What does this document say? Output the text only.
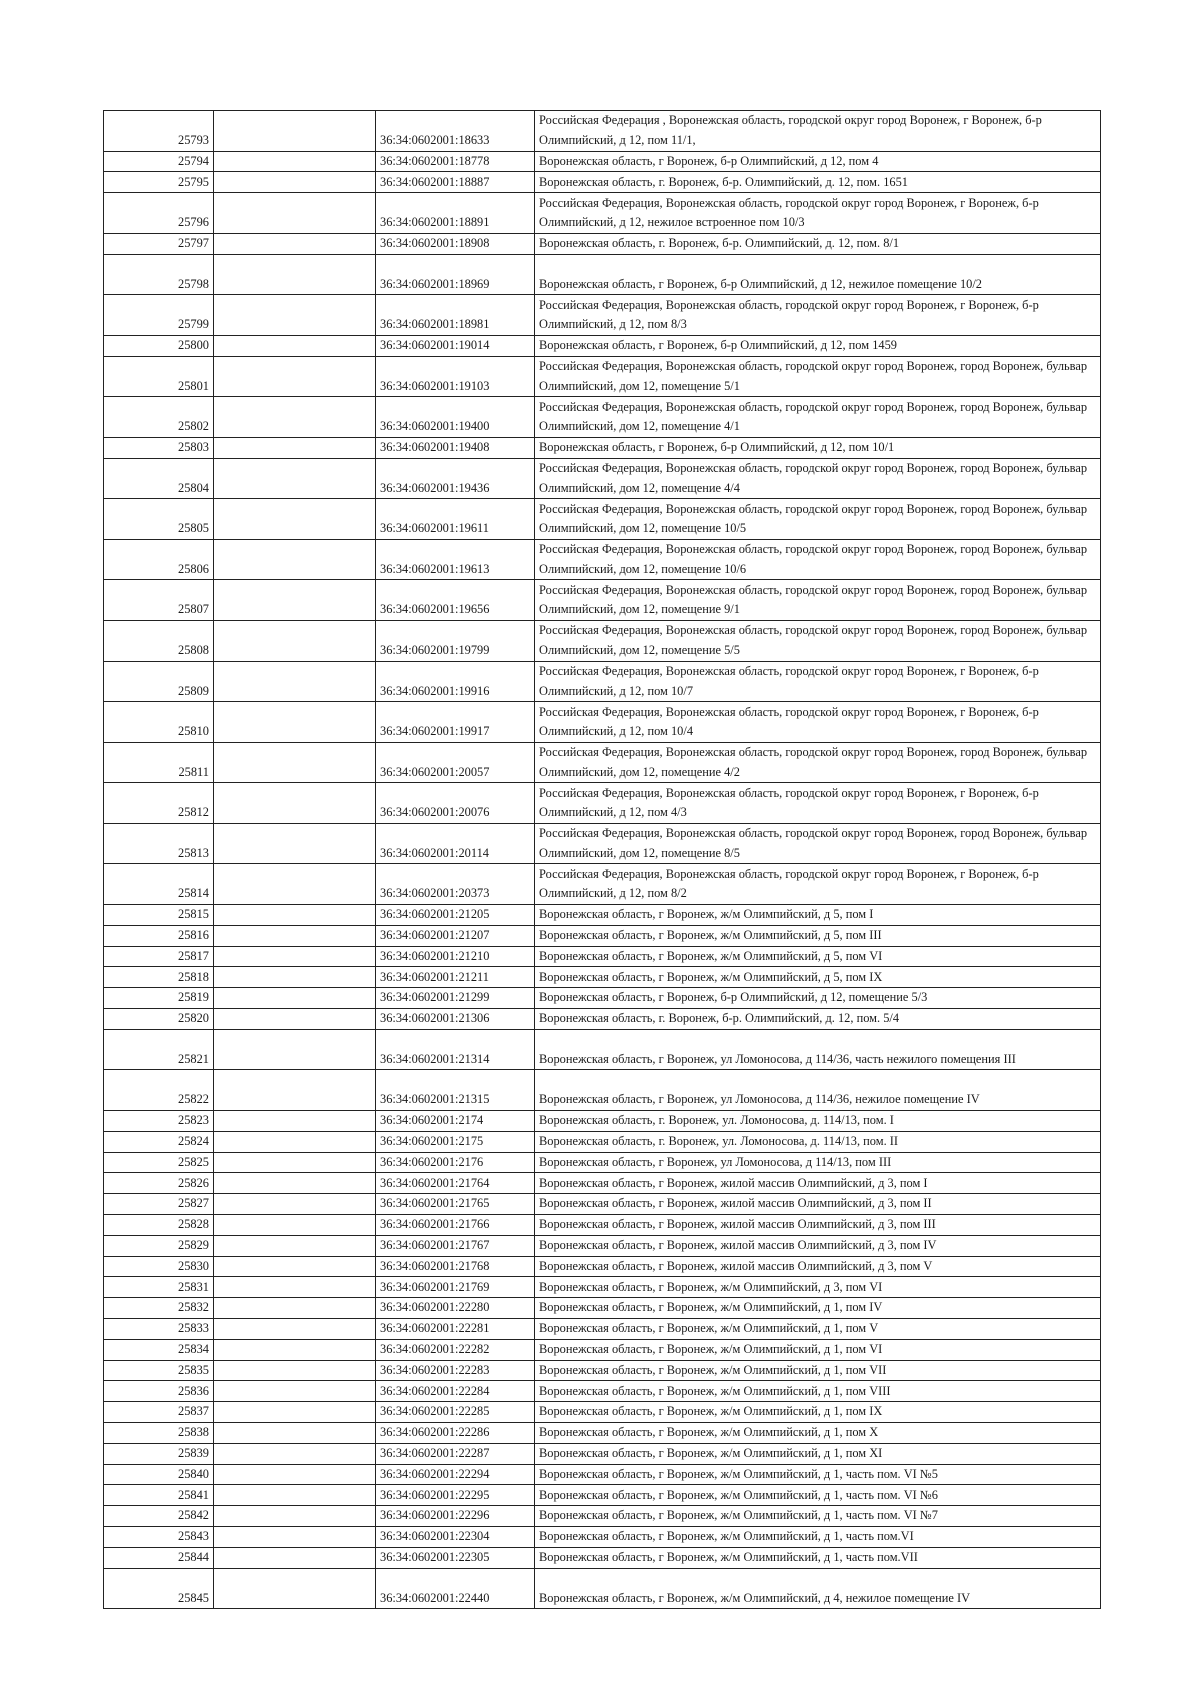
25793		36:34:0602001:18633	Российская Федерация , Воронежская область, городской округ город Воронеж, г Воронеж, б-р Олимпийский, д 12, пом 11/1,
25794		36:34:0602001:18778	Воронежская область, г Воронеж, б-р Олимпийский, д 12, пом 4
25795		36:34:0602001:18887	Воронежская область, г. Воронеж, б-р. Олимпийский, д. 12, пом. 1651
25796		36:34:0602001:18891	Российская Федерация, Воронежская область, городской округ город Воронеж, г Воронеж, б-р Олимпийский, д 12, нежилое встроенное пом 10/3
25797		36:34:0602001:18908	Воронежская область, г. Воронеж, б-р. Олимпийский, д. 12, пом. 8/1
25798		36:34:0602001:18969	Воронежская область, г Воронеж, б-р Олимпийский, д 12, нежилое помещение 10/2
25799		36:34:0602001:18981	Российская Федерация, Воронежская область, городской округ город Воронеж, г Воронеж, б-р Олимпийский, д 12, пом 8/3
25800		36:34:0602001:19014	Воронежская область, г Воронеж, б-р Олимпийский, д 12, пом 1459
25801		36:34:0602001:19103	Российская Федерация, Воронежская область, городской округ город Воронеж, город Воронеж, бульвар Олимпийский, дом 12, помещение 5/1
25802		36:34:0602001:19400	Российская Федерация, Воронежская область, городской округ город Воронеж, город Воронеж, бульвар Олимпийский, дом 12, помещение 4/1
25803		36:34:0602001:19408	Воронежская область, г Воронеж, б-р Олимпийский, д 12, пом 10/1
25804		36:34:0602001:19436	Российская Федерация, Воронежская область, городской округ город Воронеж, город Воронеж, бульвар Олимпийский, дом 12, помещение 4/4
25805		36:34:0602001:19611	Российская Федерация, Воронежская область, городской округ город Воронеж, город Воронеж, бульвар Олимпийский, дом 12, помещение 10/5
25806		36:34:0602001:19613	Российская Федерация, Воронежская область, городской округ город Воронеж, город Воронеж, бульвар Олимпийский, дом 12, помещение 10/6
25807		36:34:0602001:19656	Российская Федерация, Воронежская область, городской округ город Воронеж, город Воронеж, бульвар Олимпийский, дом 12, помещение 9/1
25808		36:34:0602001:19799	Российская Федерация, Воронежская область, городской округ город Воронеж, город Воронеж, бульвар Олимпийский, дом 12, помещение 5/5
25809		36:34:0602001:19916	Российская Федерация, Воронежская область, городской округ город Воронеж, г Воронеж, б-р Олимпийский, д 12, пом 10/7
25810		36:34:0602001:19917	Российская Федерация, Воронежская область, городской округ город Воронеж, г Воронеж, б-р Олимпийский, д 12, пом 10/4
25811		36:34:0602001:20057	Российская Федерация, Воронежская область, городской округ город Воронеж, город Воронеж, бульвар Олимпийский, дом 12, помещение 4/2
25812		36:34:0602001:20076	Российская Федерация, Воронежская область, городской округ город Воронеж, г Воронеж, б-р Олимпийский, д 12, пом 4/3
25813		36:34:0602001:20114	Российская Федерация, Воронежская область, городской округ город Воронеж, город Воронеж, бульвар Олимпийский, дом 12, помещение 8/5
25814		36:34:0602001:20373	Российская Федерация, Воронежская область, городской округ город Воронеж, г Воронеж, б-р Олимпийский, д 12, пом 8/2
25815		36:34:0602001:21205	Воронежская область, г Воронеж, ж/м Олимпийский, д 5, пом I
25816		36:34:0602001:21207	Воронежская область, г Воронеж, ж/м Олимпийский, д 5, пом III
25817		36:34:0602001:21210	Воронежская область, г Воронеж, ж/м Олимпийский, д 5, пом VI
25818		36:34:0602001:21211	Воронежская область, г Воронеж, ж/м Олимпийский, д 5, пом IX
25819		36:34:0602001:21299	Воронежская область, г Воронеж, б-р Олимпийский, д 12, помещение 5/3
25820		36:34:0602001:21306	Воронежская область, г. Воронеж, б-р. Олимпийский, д. 12, пом. 5/4
25821		36:34:0602001:21314	Воронежская область, г Воронеж, ул Ломоносова, д 114/36, часть нежилого помещения III
25822		36:34:0602001:21315	Воронежская область, г Воронеж, ул Ломоносова, д 114/36, нежилое помещение IV
25823		36:34:0602001:2174	Воронежская область, г. Воронеж, ул. Ломоносова, д. 114/13, пом. I
25824		36:34:0602001:2175	Воронежская область, г. Воронеж, ул. Ломоносова, д. 114/13, пом. II
25825		36:34:0602001:2176	Воронежская область, г Воронеж, ул Ломоносова, д 114/13, пом III
25826		36:34:0602001:21764	Воронежская область, г Воронеж, жилой массив Олимпийский, д 3, пом I
25827		36:34:0602001:21765	Воронежская область, г Воронеж, жилой массив Олимпийский, д 3, пом II
25828		36:34:0602001:21766	Воронежская область, г Воронеж, жилой массив Олимпийский, д 3, пом III
25829		36:34:0602001:21767	Воронежская область, г Воронеж, жилой массив Олимпийский, д 3, пом IV
25830		36:34:0602001:21768	Воронежская область, г Воронеж, жилой массив Олимпийский, д 3, пом V
25831		36:34:0602001:21769	Воронежская область, г Воронеж, ж/м Олимпийский, д 3, пом VI
25832		36:34:0602001:22280	Воронежская область, г Воронеж, ж/м Олимпийский, д 1, пом IV
25833		36:34:0602001:22281	Воронежская область, г Воронеж, ж/м Олимпийский, д 1, пом V
25834		36:34:0602001:22282	Воронежская область, г Воронеж, ж/м Олимпийский, д 1, пом VI
25835		36:34:0602001:22283	Воронежская область, г Воронеж, ж/м Олимпийский, д 1, пом VII
25836		36:34:0602001:22284	Воронежская область, г Воронеж, ж/м Олимпийский, д 1, пом VIII
25837		36:34:0602001:22285	Воронежская область, г Воронеж, ж/м Олимпийский, д 1, пом IX
25838		36:34:0602001:22286	Воронежская область, г Воронеж, ж/м Олимпийский, д 1, пом X
25839		36:34:0602001:22287	Воронежская область, г Воронеж, ж/м Олимпийский, д 1, пом XI
25840		36:34:0602001:22294	Воронежская область, г Воронеж, ж/м Олимпийский, д 1, часть пом. VI №5
25841		36:34:0602001:22295	Воронежская область, г Воронеж, ж/м Олимпийский, д 1, часть пом. VI №6
25842		36:34:0602001:22296	Воронежская область, г Воронеж, ж/м Олимпийский, д 1, часть пом. VI №7
25843		36:34:0602001:22304	Воронежская область, г Воронеж, ж/м Олимпийский, д 1, часть пом.VI
25844		36:34:0602001:22305	Воронежская область, г Воронеж, ж/м Олимпийский, д 1, часть пом.VII
25845		36:34:0602001:22440	Воронежская область, г Воронеж, ж/м Олимпийский, д 4, нежилое помещение IV
